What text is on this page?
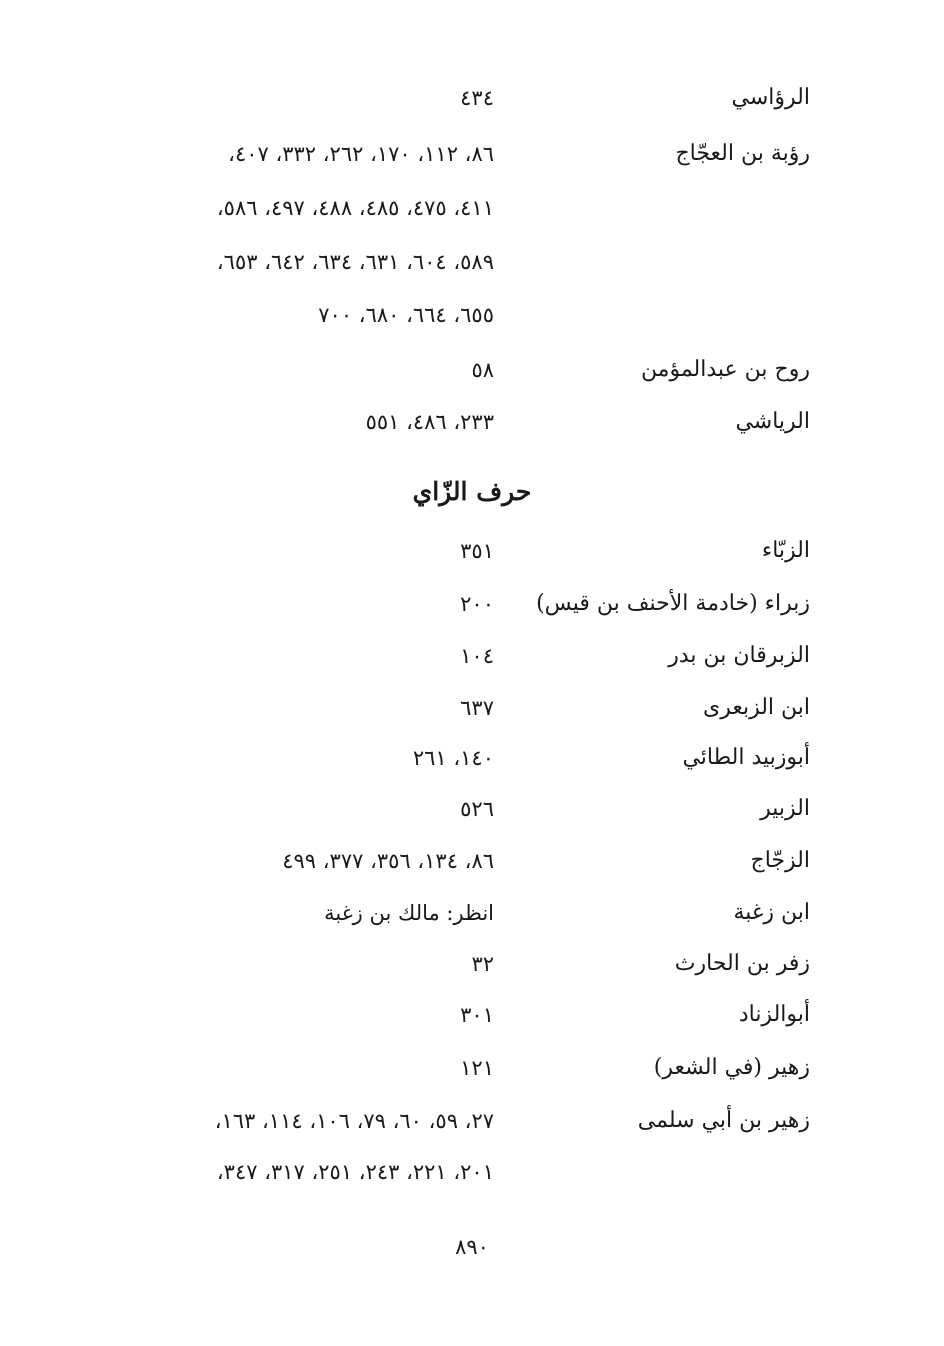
الرؤاسي
٤٣٤
رؤبة بن العجّاج
٨٦، ١١٢، ١٧٠، ٢٦٢، ٣٣٢، ٤٠٧،
٤١١، ٤٧٥، ٤٨٥، ٤٨٨، ٤٩٧، ٥٨٦،
٥٨٩، ٦٠٤، ٦٣١، ٦٣٤، ٦٤٢، ٦٥٣،
٦٥٥، ٦٦٤، ٦٨٠، ٧٠٠
روح بن عبدالمؤمن
٥٨
الرياشي
٢٣٣، ٤٨٦، ٥٥١
حرف الزّاي
الزبّاء
٣٥١
زبراء (خادمة الأحنف بن قيس)
٢٠٠
الزبرقان بن بدر
١٠٤
ابن الزبعرى
٦٣٧
أبوزبيد الطائي
١٤٠، ٢٦١
الزبير
٥٢٦
الزجّاج
٨٦، ١٣٤، ٣٥٦، ٣٧٧، ٤٩٩
ابن زغبة
انظر: مالك بن زغبة
زفر بن الحارث
٣٢
أبوالزناد
٣٠١
زهير (في الشعر)
١٢١
زهير بن أبي سلمى
٢٧، ٥٩، ٦٠، ٧٩، ١٠٦، ١١٤، ١٦٣،
٢٠١، ٢٢١، ٢٤٣، ٢٥١، ٣١٧، ٣٤٧،
٨٩٠
